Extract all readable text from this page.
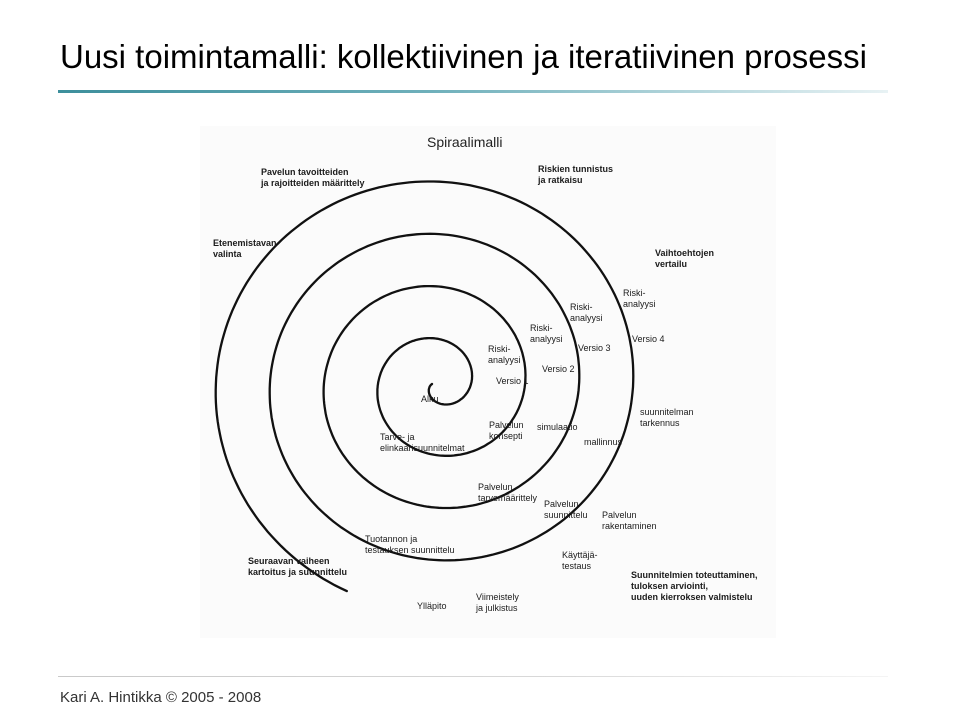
Uusi toimintamalli: kollektiivinen ja iteratiivinen prosessi
Spiraalimalli
Pavelun tavoitteiden
ja rajoitteiden määrittely
Riskien tunnistus
ja ratkaisu
Etenemistavan
valinta	Vaihtoehtojen
vertailu
Riski-
analyysi
Riski-
analyysi
Riski-
analyysi
Riski-
analyysi
Versio 4
Versio 3
Versio 2
Versio 1
Alku
suunnitelman
tarkennus
simulaatio
mallinnus
Palvelun
konsepti
Tarve- ja
elinkaarisuunnitelmat
Palvelun
tarvemäärittely
Palvelun
suunnittelu Palvelun
rakentaminen
Tuotannon ja
testauksen suunnittelu
Seuraavan vaiheen
kartoitus ja suunnittelu
Käyttäjä-
testaus
Suunnitelmien toteuttaminen,
tuloksen arviointi,
uuden kierroksen valmistelu
Viimeistely
ja julkistus
Ylläpito
Kari A. Hintikka © 2005 - 2008
